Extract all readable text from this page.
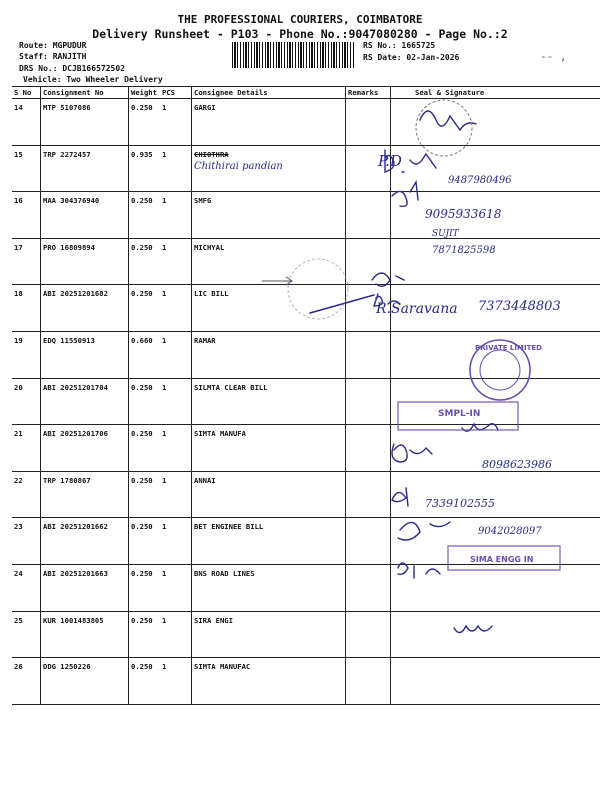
THE PROFESSIONAL COURIERS, COIMBATORE
Delivery Runsheet - P103 - Phone No.:9047080280 - Page No.:2
Route: MGPUDUR
Staff: RANJITH
DRS No.: DCJB166572502
Vehicle: Two Wheeler Delivery
RS No.: 1665725
RS Date: 02-Jan-2026	-‑ ,
S No	Consignment No	Weight	PCS	Consignee Details	Remarks	Seal & Signature
14	MTP 5107086	0.250	1	GARGI		
15	TRP 2272457	0.935	1	CHIOTHRA
Chithirai pandian		

16	MAA 304376940	0.250	1	SMFG		
17	PRO 16809894	0.250	1	MICHYAL		
18	ABI 20251201682	0.250	1	LIC BILL		
19	EDQ 11550913	0.660	1	RAMAR		
20	ABI 20251201704	0.250	1	SILMTA CLEAR BILL		
21	ABI 20251201706	0.250	1	SIMTA MANUFA		
22	TRP 1780867	0.250	1	ANNAI		
23	ABI 20251201662	0.250	1	BET ENGINEE BILL		
24	ABI 20251201663	0.250	1	BNS ROAD LINES		
25	KUR 1001483805	0.250	1	SIRA ENGI		
26	DDG 1250226	0.250	1	SIMTA MANUFAC		
PRIVATE LIMITED
SMPL-IN
SIMA ENGG IN
P.D
9487980496
9095933618
SUJIT
7871825598
R.Saravana 7373448803
8098623986
7339102555
9042028097
